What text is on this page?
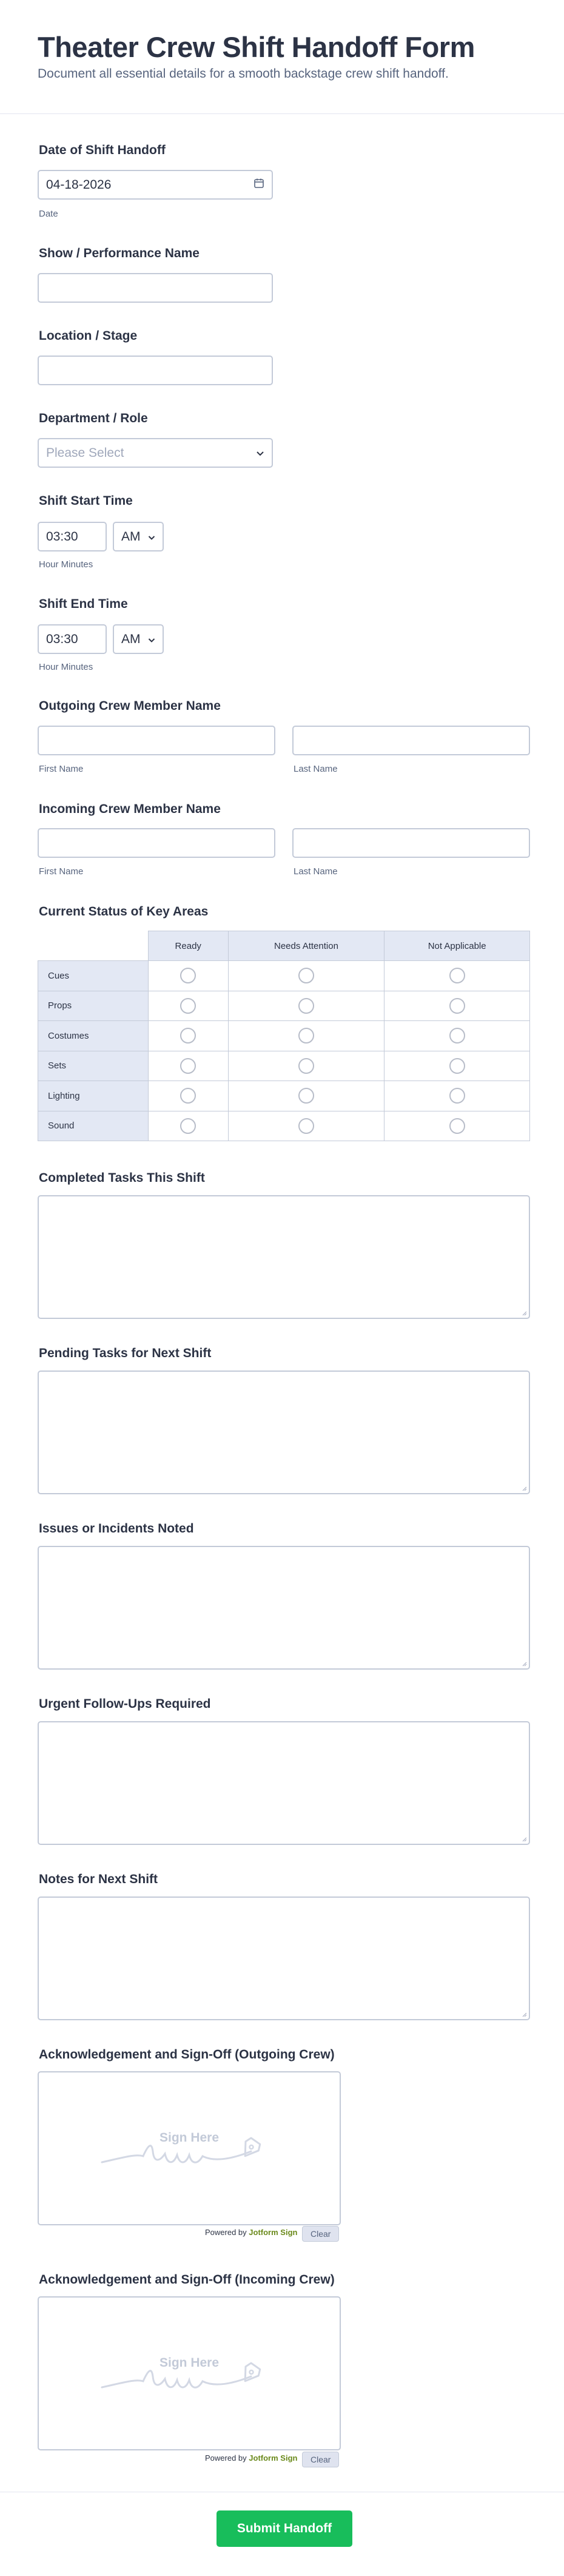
Theater Crew Shift Handoff Form

Document all essential details for a smooth backstage crew shift handoff.

Date of Shift Handoff
04-18-2026
Date
Show / Performance Name
Location / Stage
Department / Role
Please Select
Shift Start Time
03:30	AM
Hour Minutes
Shift End Time
03:30	AM
Hour Minutes
Outgoing Crew Member Name
First Name	Last Name
Incoming Crew Member Name
First Name	Last Name
Current Status of Key Areas
	Ready	Needs Attention	Not Applicable
Cues			
Props			
Costumes			
Sets			
Lighting			
Sound			
Completed Tasks This Shift
Pending Tasks for Next Shift
Issues or Incidents Noted
Urgent Follow-Ups Required
Notes for Next Shift
Acknowledgement and Sign-Off (Outgoing Crew)
Sign Here
Powered by Jotform Sign	Clear
Acknowledgement and Sign-Off (Incoming Crew)
Sign Here
Powered by Jotform Sign	Clear
Submit Handoff
